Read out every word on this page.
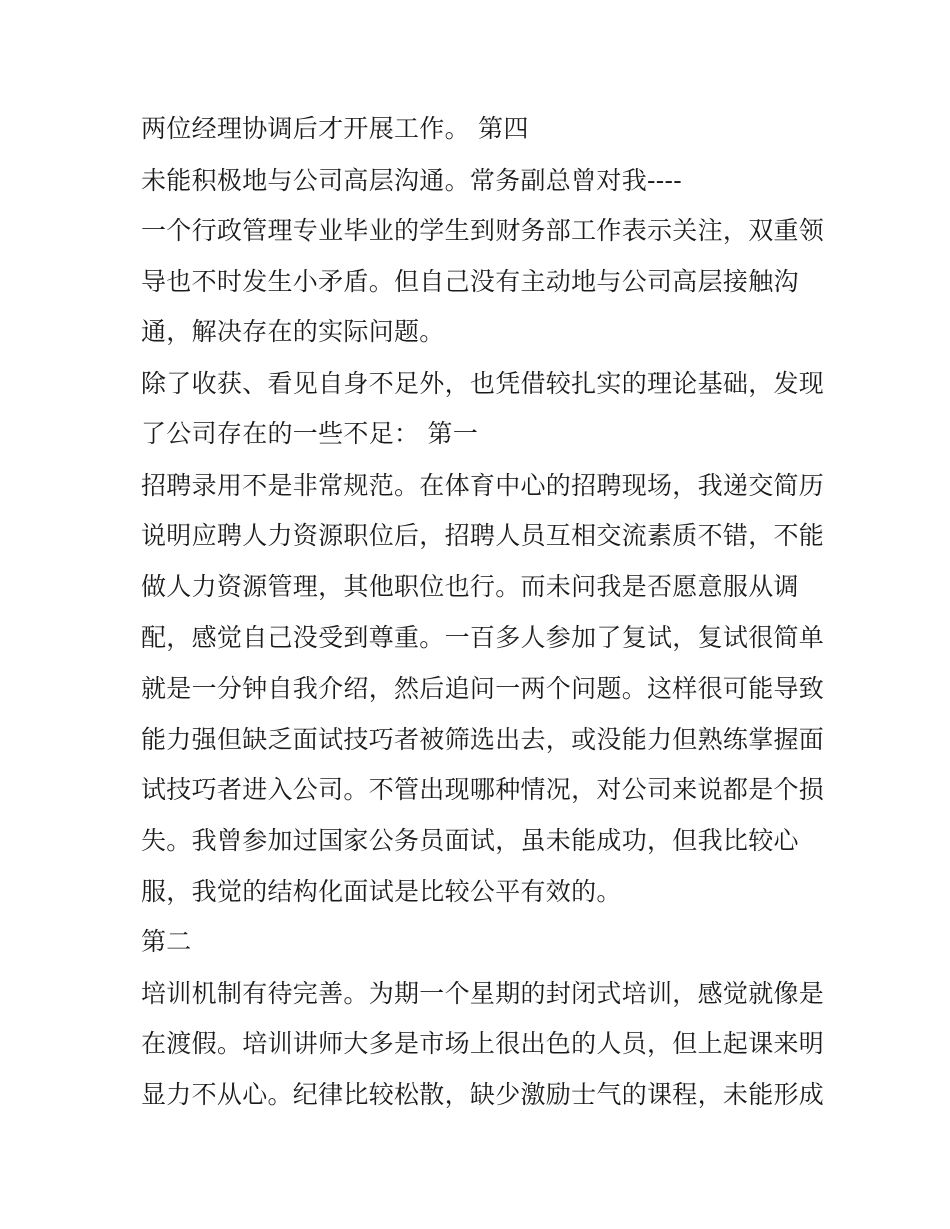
两位经理协调后才开展工作。 第四
未能积极地与公司高层沟通。常务副总曾对我----
一个行政管理专业毕业的学生到财务部工作表示关注，双重领
导也不时发生小矛盾。但自己没有主动地与公司高层接触沟
通，解决存在的实际问题。
除了收获、看见自身不足外，也凭借较扎实的理论基础，发现
了公司存在的一些不足： 第一
招聘录用不是非常规范。在体育中心的招聘现场，我递交简历
说明应聘人力资源职位后，招聘人员互相交流素质不错，不能
做人力资源管理，其他职位也行。而未问我是否愿意服从调
配，感觉自己没受到尊重。一百多人参加了复试，复试很简单
就是一分钟自我介绍，然后追问一两个问题。这样很可能导致
能力强但缺乏面试技巧者被筛选出去，或没能力但熟练掌握面
试技巧者进入公司。不管出现哪种情况，对公司来说都是个损
失。我曾参加过国家公务员面试，虽未能成功，但我比较心
服，我觉的结构化面试是比较公平有效的。
第二
培训机制有待完善。为期一个星期的封闭式培训，感觉就像是
在渡假。培训讲师大多是市场上很出色的人员，但上起课来明
显力不从心。纪律比较松散，缺少激励士气的课程，未能形成
